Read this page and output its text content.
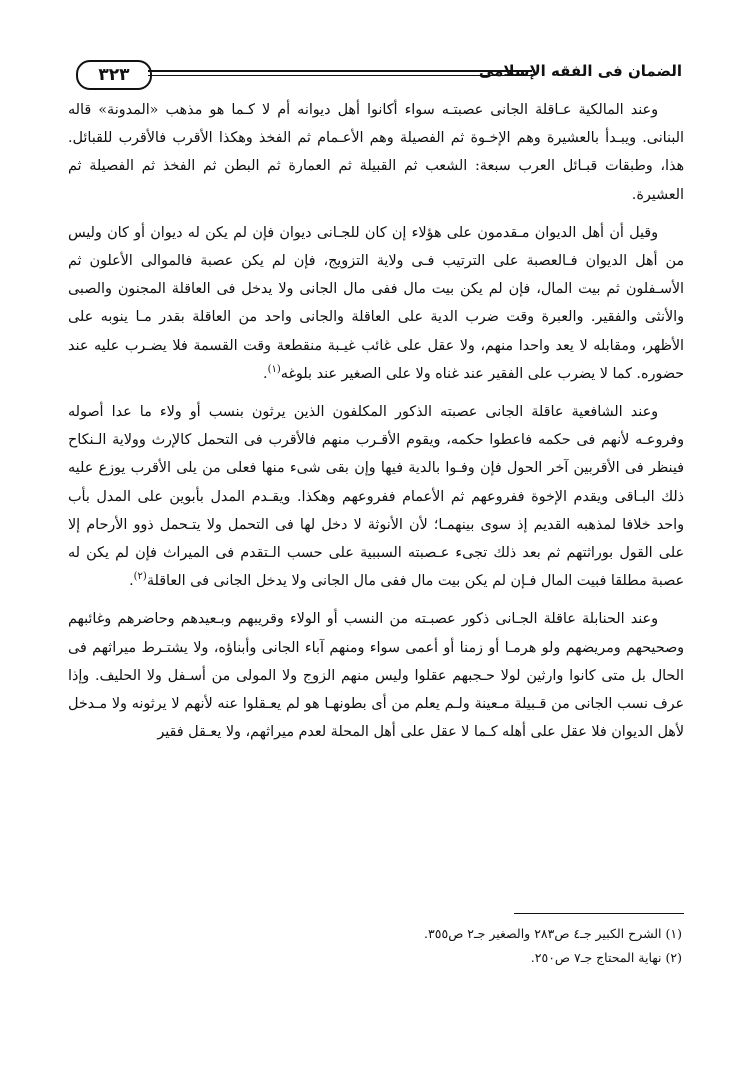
الضمان فى الفقه الإسلامى
٣٢٣

وعند المالكية عـاقلة الجانى عصبتـه سواء أكانوا أهل ديوانه أم لا كـما هو مذهب «المدونة» قاله البنانى. ويبـدأ بالعشيرة وهم الإخـوة ثم الفصيلة وهم الأعـمام ثم الفخذ وهكذا الأقرب فالأقرب للقبائل. هذا، وطبقات قبـائل العرب سبعة: الشعب ثم القبيلة ثم العمارة ثم البطن ثم الفخذ ثم الفصيلة ثم العشيرة.

وقيل أن أهل الديوان مـقدمون على هؤلاء إن كان للجـانى ديوان فإن لم يكن له ديوان أو كان وليس من أهل الديوان فـالعصبة على الترتيب فـى ولاية التزويج، فإن لم يكن عصبة فالموالى الأعلون ثم الأسـفلون ثم بيت المال، فإن لم يكن بيت مال ففى مال الجانى ولا يدخل فى العاقلة المجنون والصبى والأنثى والفقير. والعبرة وقت ضرب الدية على العاقلة والجانى واحد من العاقلة بقدر مـا ينوبه على الأظهر، ومقابله لا يعد واحدا منهم، ولا عقل على غائب غيـبة منقطعة وقت القسمة فلا يضـرب عليه عند حضوره. كما لا يضرب على الفقير عند غناه ولا على الصغير عند بلوغه$^{(١)}$.

وعند الشافعية عاقلة الجانى عصبته الذكور المكلفون الذين يرثون بنسب أو ولاء ما عدا أصوله وفروعـه لأنهم فى حكمه فاعطوا حكمه، ويقوم الأقـرب منهم فالأقرب فى التحمل كالإرث وولاية الـنكاح فينظر فى الأقربين آخر الحول فإن وفـوا بالدية فيها وإن بقى شىء منها فعلى من يلى الأقرب يوزع عليه ذلك البـاقى ويقدم الإخوة ففروعهم ثم الأعمام ففروعهم وهكذا. ويقـدم المدل بأبوين على المدل بأب واحد خلافا لمذهبه القديم إذ سوى بينهمـا؛ لأن الأنوثة لا دخل لها فى التحمل ولا يتـحمل ذوو الأرحام إلا على القول بوراثتهم ثم بعد ذلك تجىء عـصبته السببية على حسب الـتقدم فى الميراث فإن لم يكن له عصبة مطلقا فبيت المال فـإن لم يكن بيت مال ففى مال الجانى ولا يدخل الجانى فى العاقلة$^{(٢)}$.

وعند الحنابلة عاقلة الجـانى ذكور عصبـته من النسب أو الولاء وقريبهم وبـعيدهم وحاضرهم وغائبهم وصحيحهم ومريضهم ولو هرمـا أو زمنا أو أعمى سواء ومنهم آباء الجانى وأبناؤه، ولا يشتـرط ميراثهم فى الحال بل متى كانوا وارثين لولا حـجبهم عقلوا وليس منهم الزوج ولا المولى من أسـفل ولا الحليف. وإذا عرف نسب الجانى من قـبيلة مـعينة ولـم يعلم من أى بطونهـا هو لم يعـقلوا عنه لأنهم لا يرثونه ولا مـدخل لأهل الديوان فلا عقل على أهله كـما لا عقل على أهل المحلة لعدم ميراثهم، ولا يعـقل فقير

(١) الشرح الكبير جـ٤ ص٢٨٣ والصغير جـ٢ ص٣٥٥.

(٢) نهاية المحتاج جـ٧ ص٢٥٠.
